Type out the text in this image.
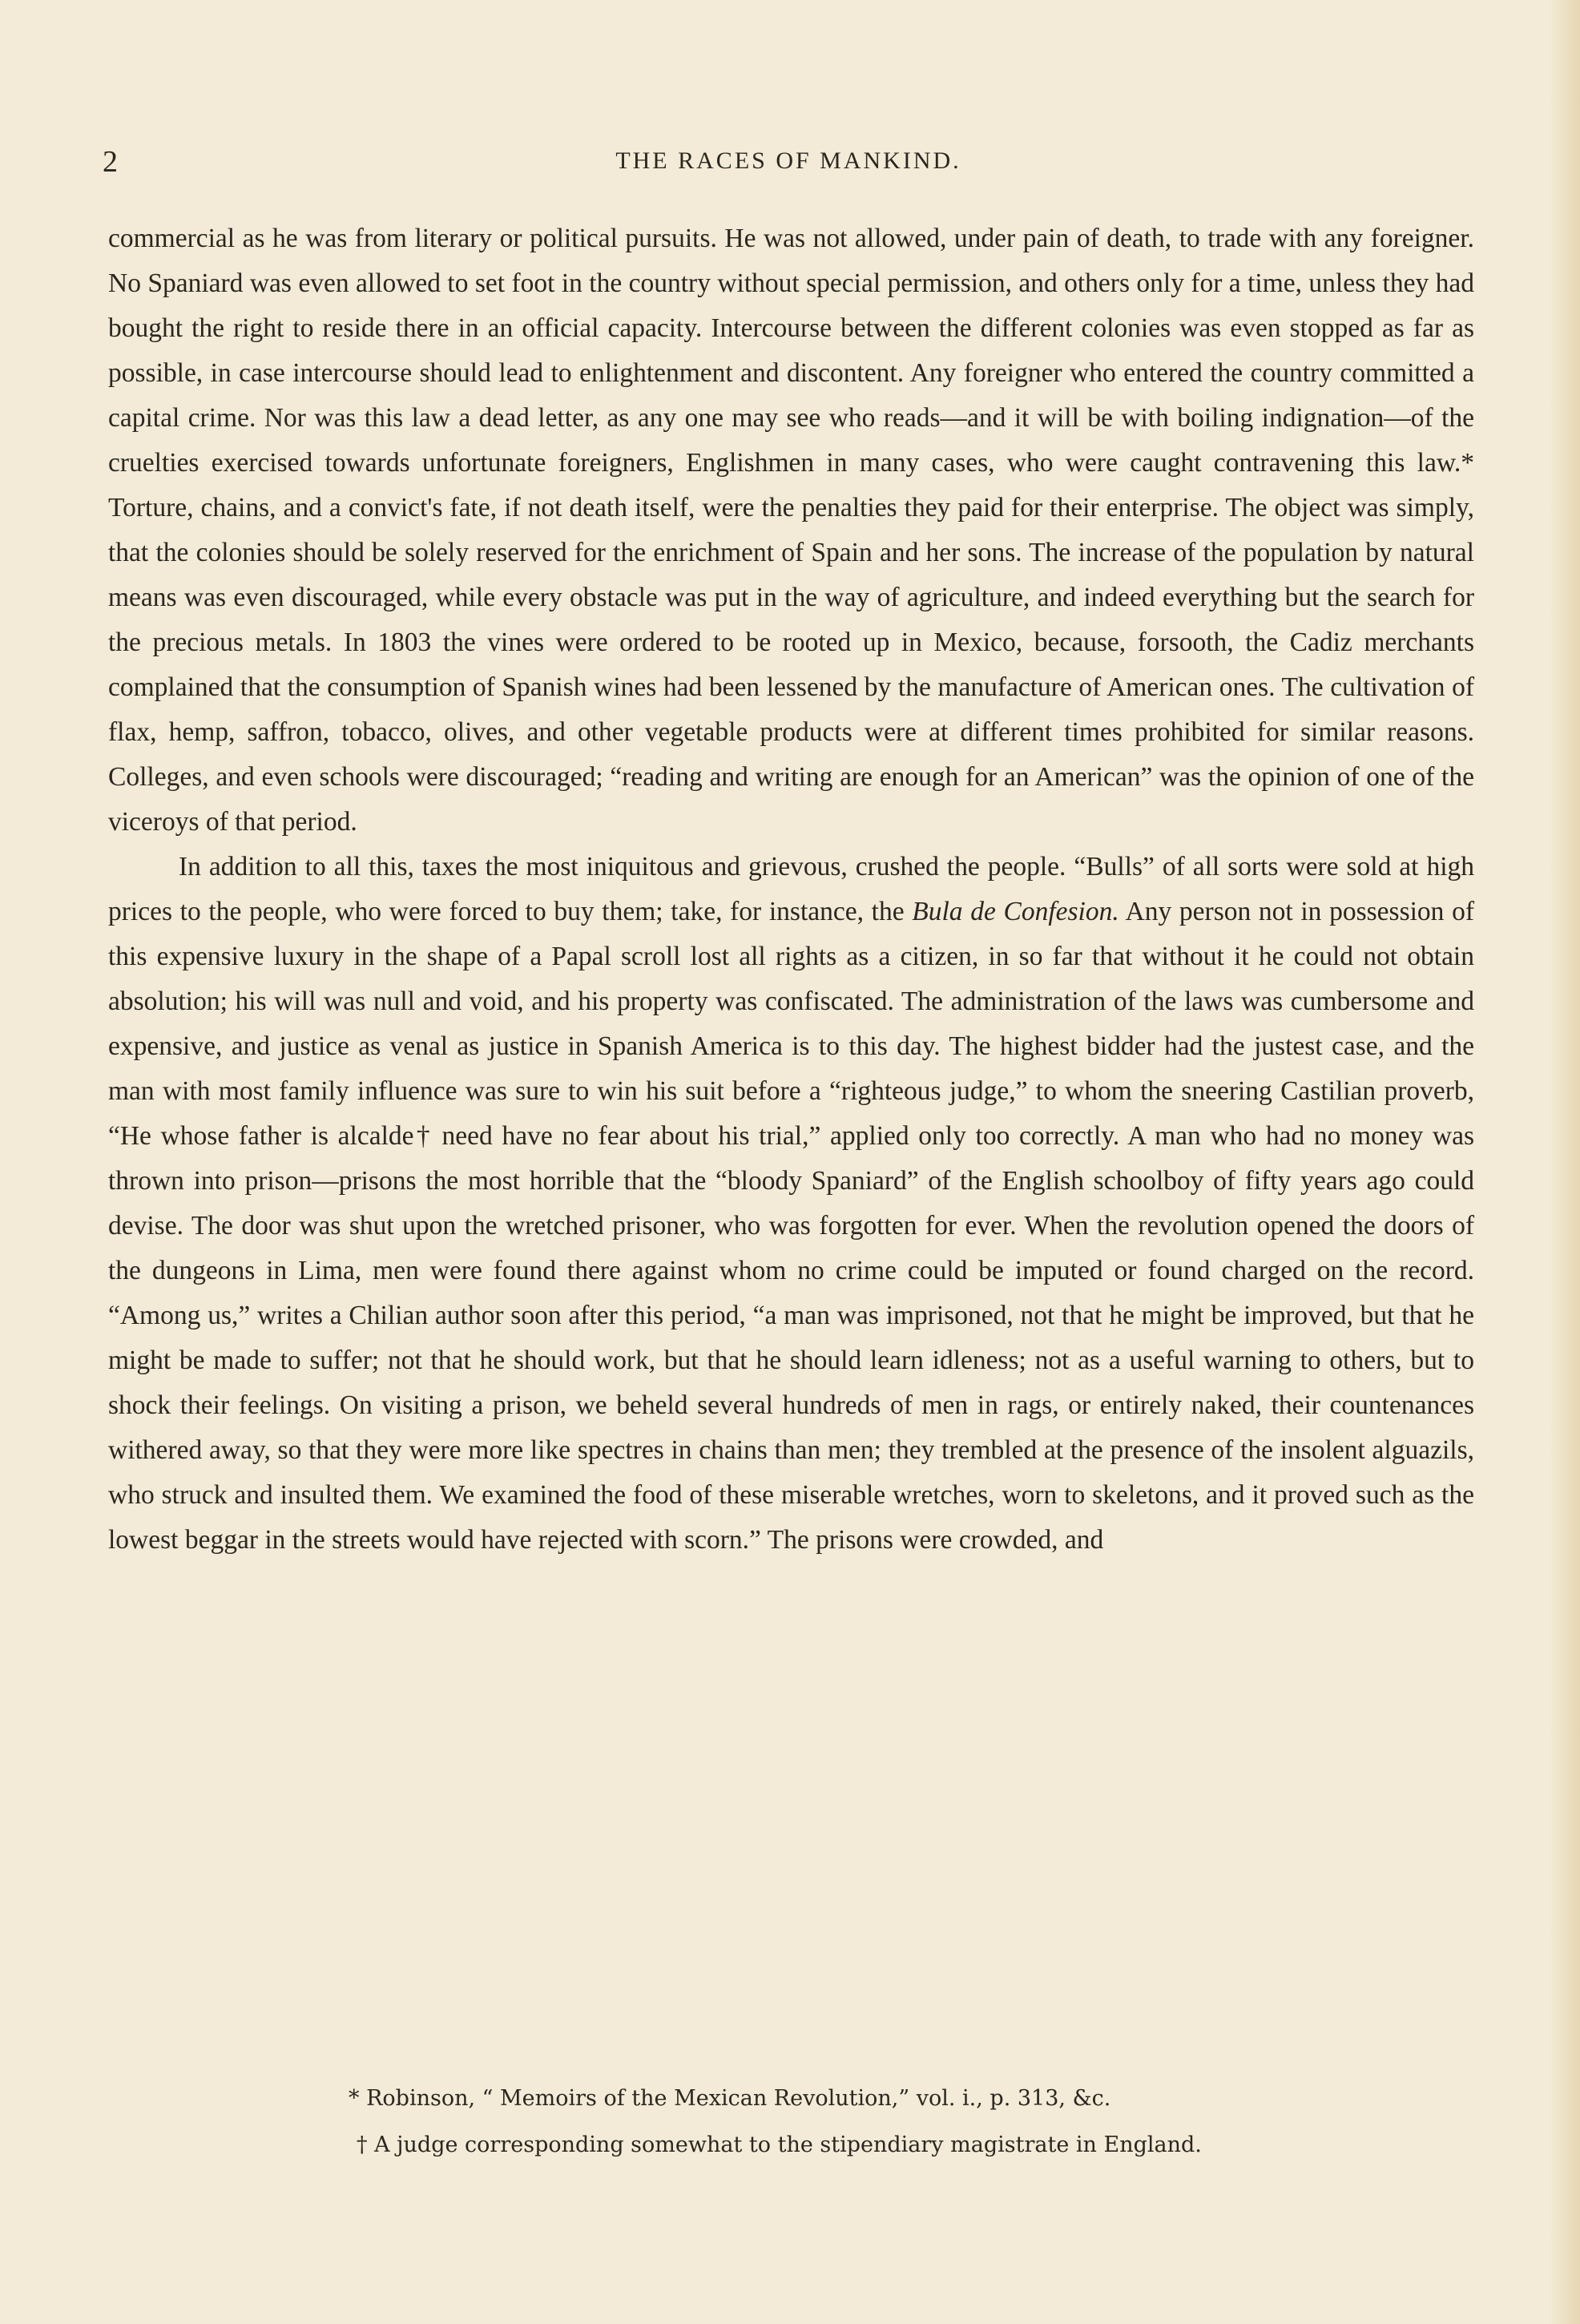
2	THE RACES OF MANKIND.

commercial as he was from literary or political pursuits. He was not allowed, under pain of death, to trade with any foreigner. No Spaniard was even allowed to set foot in the country without special permission, and others only for a time, unless they had bought the right to reside there in an official capacity. Intercourse between the different colonies was even stopped as far as possible, in case intercourse should lead to enlightenment and discontent. Any foreigner who entered the country committed a capital crime. Nor was this law a dead letter, as any one may see who reads—and it will be with boiling indignation—of the cruelties exercised towards unfortunate foreigners, Englishmen in many cases, who were caught contravening this law.* Torture, chains, and a convict's fate, if not death itself, were the penalties they paid for their enterprise. The object was simply, that the colonies should be solely reserved for the enrichment of Spain and her sons. The increase of the population by natural means was even discouraged, while every obstacle was put in the way of agriculture, and indeed everything but the search for the precious metals. In 1803 the vines were ordered to be rooted up in Mexico, because, forsooth, the Cadiz merchants complained that the consumption of Spanish wines had been lessened by the manufacture of American ones. The cultivation of flax, hemp, saffron, tobacco, olives, and other vegetable products were at different times prohibited for similar reasons. Colleges, and even schools were discouraged; “reading and writing are enough for an American” was the opinion of one of the viceroys of that period.

In addition to all this, taxes the most iniquitous and grievous, crushed the people. “Bulls” of all sorts were sold at high prices to the people, who were forced to buy them; take, for instance, the Bula de Confesion. Any person not in possession of this expensive luxury in the shape of a Papal scroll lost all rights as a citizen, in so far that without it he could not obtain absolution; his will was null and void, and his property was confiscated. The administration of the laws was cumbersome and expensive, and justice as venal as justice in Spanish America is to this day. The highest bidder had the justest case, and the man with most family influence was sure to win his suit before a “righteous judge,” to whom the sneering Castilian proverb, “He whose father is alcalde† need have no fear about his trial,” applied only too correctly. A man who had no money was thrown into prison—prisons the most horrible that the “bloody Spaniard” of the English schoolboy of fifty years ago could devise. The door was shut upon the wretched prisoner, who was forgotten for ever. When the revolution opened the doors of the dungeons in Lima, men were found there against whom no crime could be imputed or found charged on the record. “Among us,” writes a Chilian author soon after this period, “a man was imprisoned, not that he might be improved, but that he might be made to suffer; not that he should work, but that he should learn idleness; not as a useful warning to others, but to shock their feelings. On visiting a prison, we beheld several hundreds of men in rags, or entirely naked, their countenances withered away, so that they were more like spectres in chains than men; they trembled at the presence of the insolent alguazils, who struck and insulted them. We examined the food of these miserable wretches, worn to skeletons, and it proved such as the lowest beggar in the streets would have rejected with scorn.” The prisons were crowded, and

* Robinson, “ Memoirs of the Mexican Revolution,” vol. i., p. 313, &c.

† A judge corresponding somewhat to the stipendiary magistrate in England.
